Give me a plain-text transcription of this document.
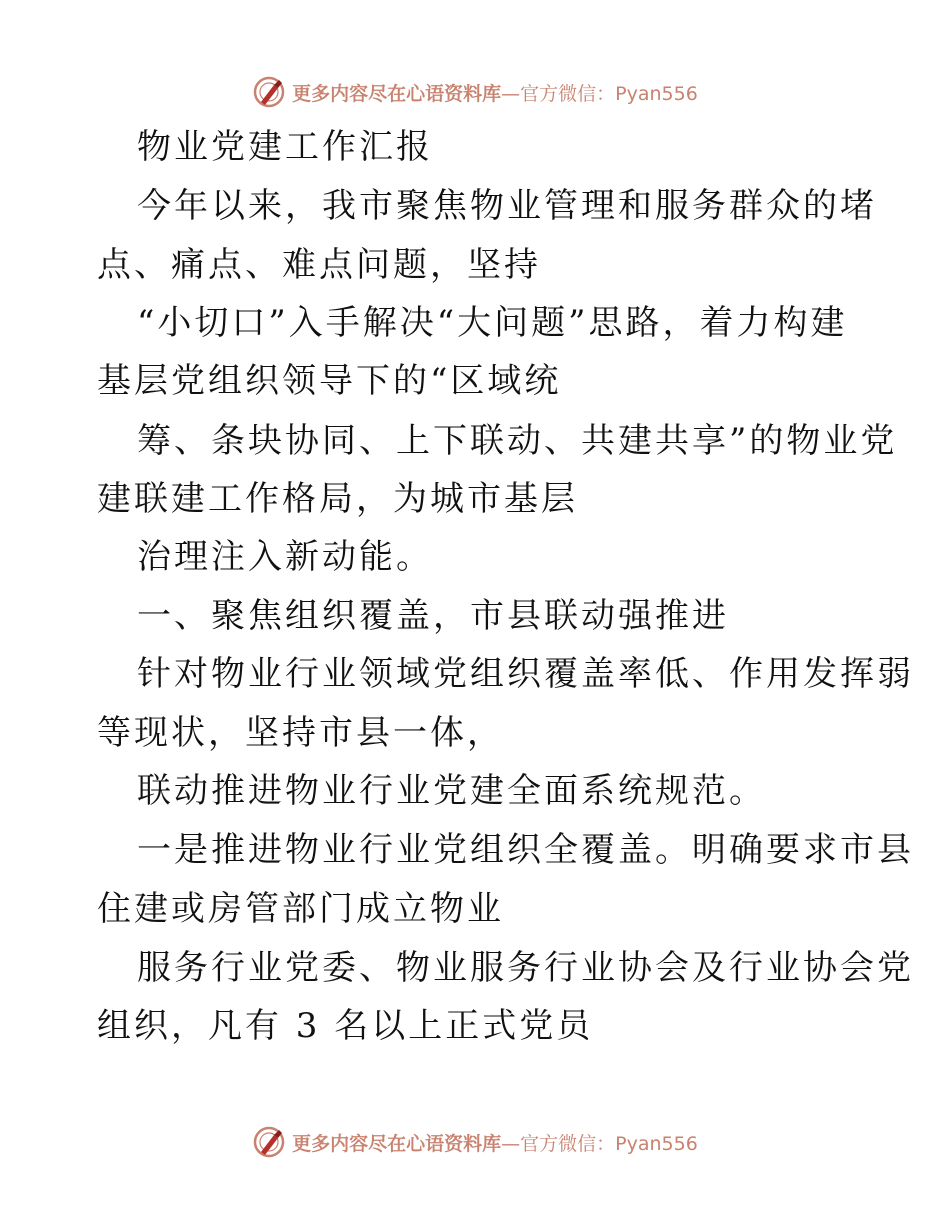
更多内容尽在心语资料库 —官方微信：Pyan556
物业党建工作汇报
今年以来，我市聚焦物业管理和服务群众的堵
点、痛点、难点问题，坚持
“小切口”入手解决“大问题”思路，着力构建
基层党组织领导下的“区域统
筹、条块协同、上下联动、共建共享”的物业党
建联建工作格局，为城市基层
治理注入新动能。
一、聚焦组织覆盖，市县联动强推进
针对物业行业领域党组织覆盖率低、作用发挥弱
等现状，坚持市县一体，
联动推进物业行业党建全面系统规范。
一是推进物业行业党组织全覆盖。明确要求市县
住建或房管部门成立物业
服务行业党委、物业服务行业协会及行业协会党
组织，凡有 3 名以上正式党员
更多内容尽在心语资料库 —官方微信：Pyan556
